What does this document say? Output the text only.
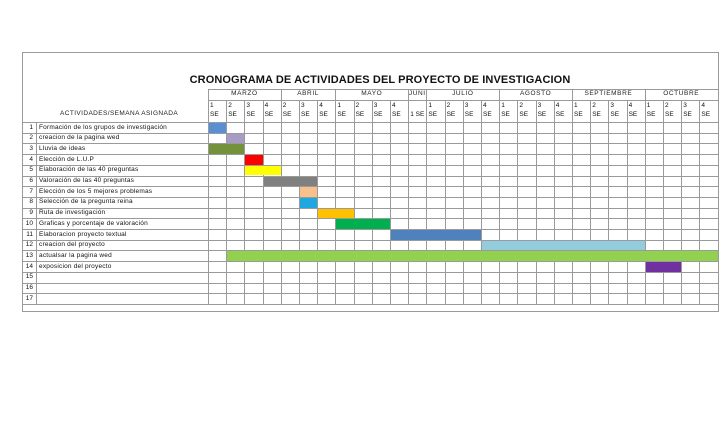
CRONOGRAMA DE ACTIVIDADES DEL PROYECTO DE INVESTIGACION
ACTIVIDADES/SEMANA ASIGNADA
MARZO
1
SE
2
SE
3
SE
4
SE
ABRIL
2
SE
3
SE
4
SE
MAYO
1
SE
2
SE
3
SE
4
SE
JUNI
1 SE
JULIO
1
SE
2
SE
3
SE
4
SE
AGOSTO
1
SE
2
SE
3
SE
4
SE
SEPTIEMBRE
1
SE
2
SE
3
SE
4
SE
OCTUBRE
1
SE
2
SE
3
SE
4
SE
1 Formación de los grupos de investigación
2 creacion de la pagina wed
3 Lluvia de ideas
4 Elección de L.U.P
5 Elaboración de las 40 preguntas
6 Valoración de las 40 preguntas
7 Elección de los 5 mejores problemas
8 Selección de la pregunta reina
9 Ruta de investigación
10 Graficas y porcentaje de valoración
11 Elaboracion proyecto textual
12 creacion del proyecto
13 actualsar la pagina wed
14 exposicion del proyecto
15
16
17
